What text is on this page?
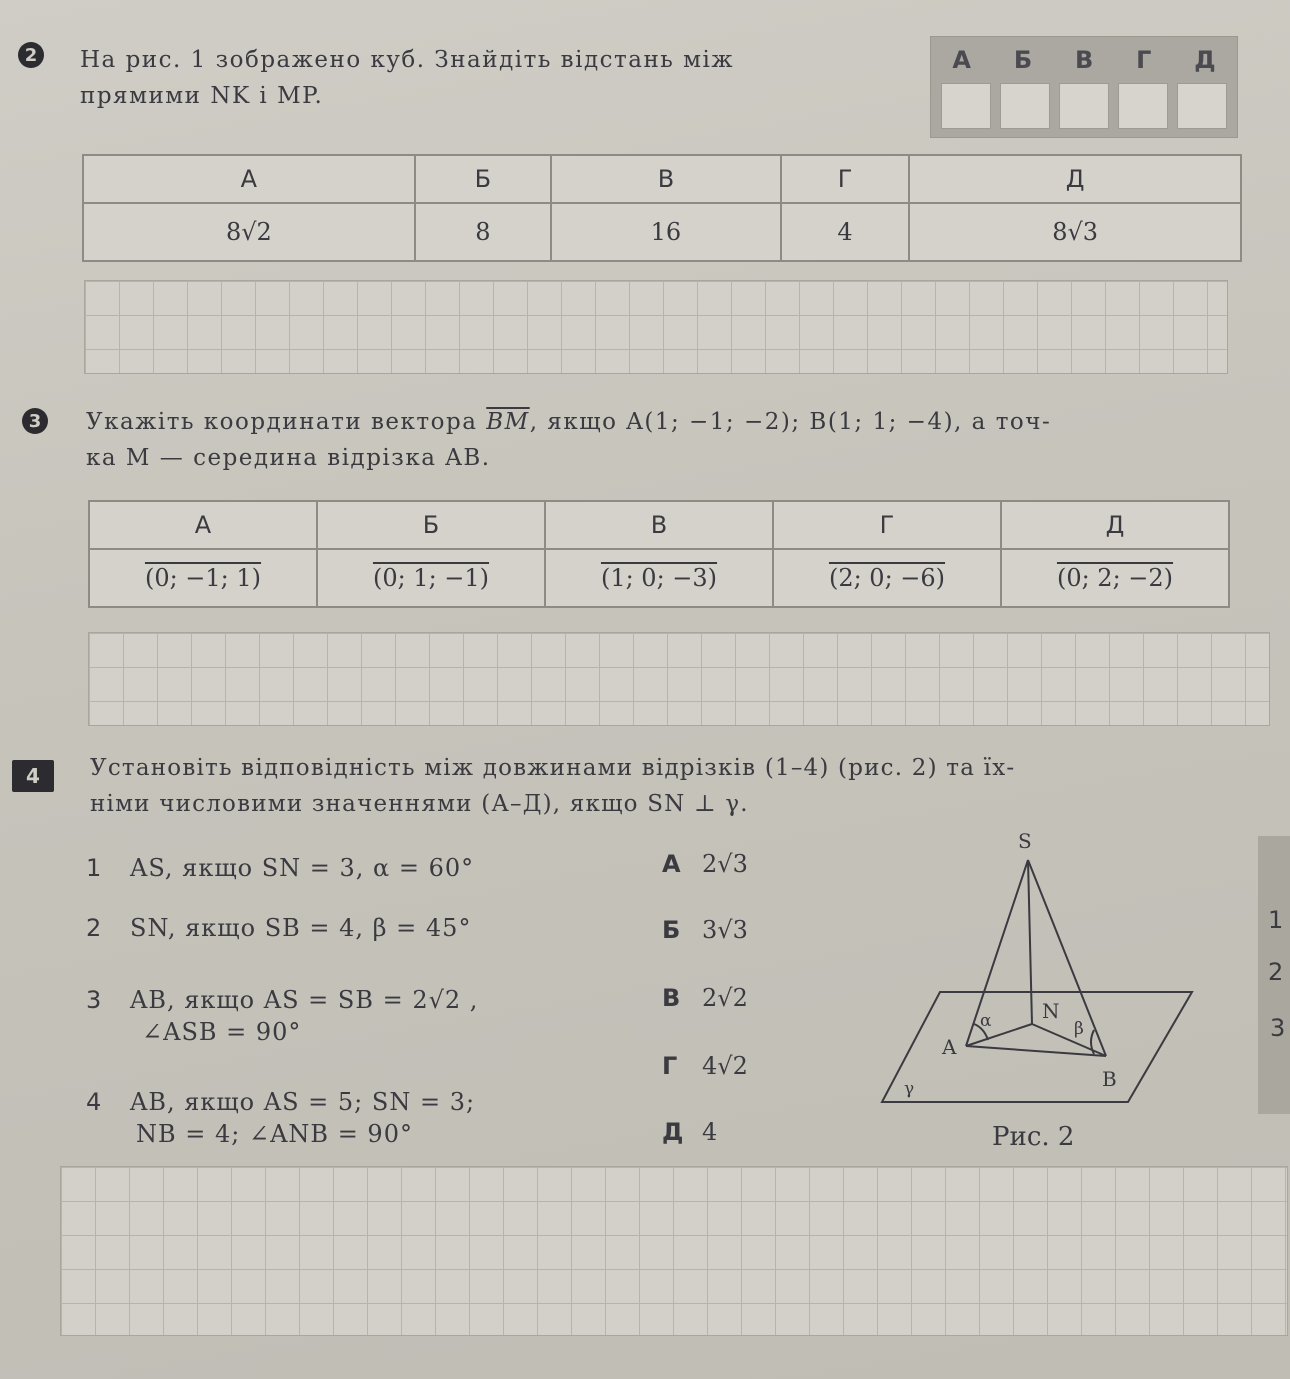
2 На рис. 1 зображено куб. Знайдіть відстань між
прямими NK і MP.
А Б В Г Д
А	Б	В	Г	Д
8√2	8	16	4	8√3
3 Укажіть координати вектора $\overline{BM}$, якщо A(1; −1; −2); B(1; 1; −4), а точ-
ка M — середина відрізка AB.
А	Б	В	Г	Д
(0; −1; 1)	(0; 1; −1)	(1; 0; −3)	(2; 0; −6)	(0; 2; −2)
4	Установіть відповідність між довжинами відрізків (1–4) (рис. 2) та їх-
німи числовими значеннями (А–Д), якщо SN ⊥ γ.
1 AS, якщо SN = 3, α = 60°
2 SN, якщо SB = 4, β = 45°
3 AB, якщо AS = SB = 2√2 ,
∠ASB = 90°
4 AB, якщо AS = 5; SN = 3;
NB = 4; ∠ANB = 90°
А 2√3
Б 3√3
В 2√2
Г 4√2
Д 4
S
N
A
B
α	β
γ
Рис. 2
1
2
3
